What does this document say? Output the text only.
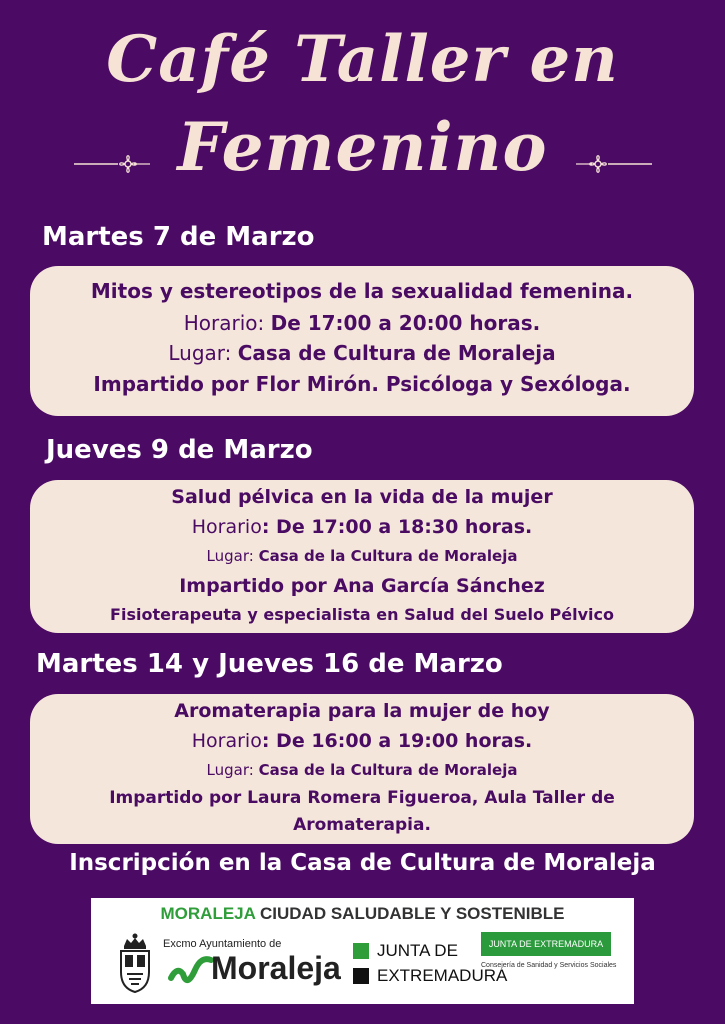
Café Taller en
Femenino
Martes 7 de Marzo
Mitos y estereotipos de la sexualidad femenina.
Horario: De 17:00 a 20:00 horas.
Lugar: Casa de Cultura de Moraleja
Impartido por Flor Mirón. Psicóloga y Sexóloga.
Jueves 9 de Marzo
Salud pélvica en la vida de la mujer
Horario: De 17:00 a 18:30 horas.
Lugar: Casa de la Cultura de Moraleja
Impartido por Ana García Sánchez
Fisioterapeuta y especialista en Salud del Suelo Pélvico
Martes 14 y Jueves 16 de Marzo
Aromaterapia para la mujer de hoy
Horario: De 16:00 a 19:00 horas.
Lugar: Casa de la Cultura de Moraleja
Impartido por Laura Romera Figueroa, Aula Taller de
Aromaterapia.
Inscripción en la Casa de Cultura de Moraleja
MORALEJA CIUDAD SALUDABLE Y SOSTENIBLE
Excmo Ayuntamiento de
Moraleja JUNTA DE
EXTREMADURA
JUNTA DE EXTREMADURA
Consejería de Sanidad y Servicios Sociales
